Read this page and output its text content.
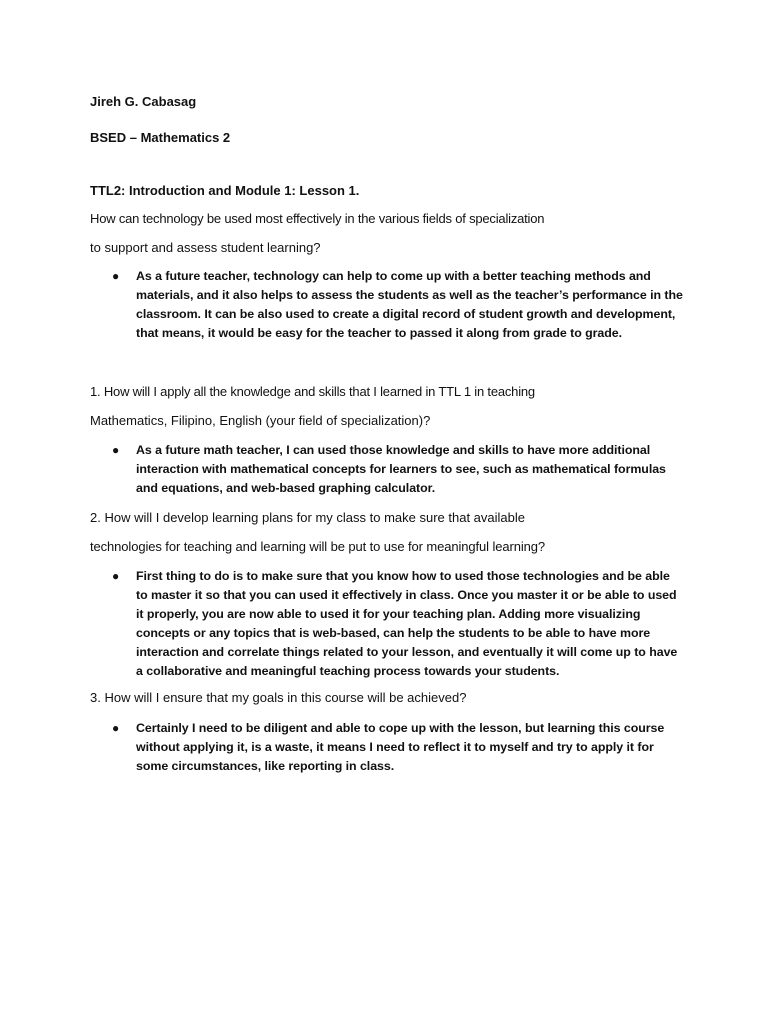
Jireh G. Cabasag
BSED – Mathematics 2
TTL2: Introduction and Module 1: Lesson 1.
How can technology be used most effectively in the various fields of specialization
to support and assess student learning?
● As a future teacher, technology can help to come up with a better teaching methods and materials, and it also helps to assess the students as well as the teacher’s performance in the classroom. It can be also used to create a digital record of student growth and development, that means, it would be easy for the teacher to passed it along from grade to grade.
1. How will I apply all the knowledge and skills that I learned in TTL 1 in teaching
Mathematics, Filipino, English (your field of specialization)?
● As a future math teacher, I can used those knowledge and skills to have more additional interaction with mathematical concepts for learners to see, such as mathematical formulas and equations, and web-based graphing calculator.
2. How will I develop learning plans for my class to make sure that available
technologies for teaching and learning will be put to use for meaningful learning?
● First thing to do is to make sure that you know how to used those technologies and be able to master it so that you can used it effectively in class. Once you master it or be able to used it properly, you are now able to used it for your teaching plan. Adding more visualizing concepts or any topics that is web-based, can help the students to be able to have more interaction and correlate things related to your lesson, and eventually it will come up to have a collaborative and meaningful teaching process towards your students.
3. How will I ensure that my goals in this course will be achieved?
● Certainly I need to be diligent and able to cope up with the lesson, but learning this course without applying it, is a waste, it means I need to reflect it to myself and try to apply it for some circumstances, like reporting in class.
